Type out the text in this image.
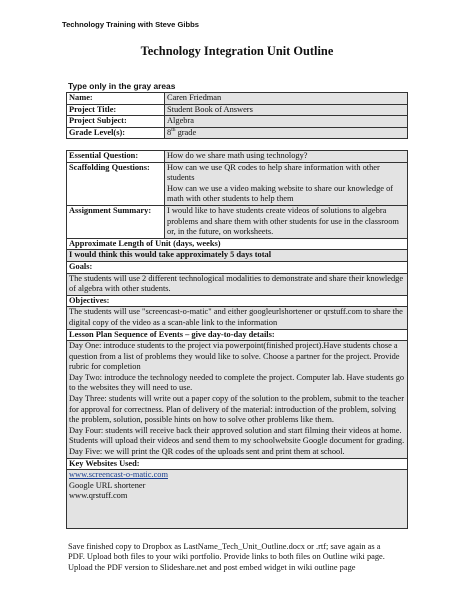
Technology Training with Steve Gibbs
Technology Integration Unit Outline
Type only in the gray areas
Name:	Caren Friedman
Project Title:	Student Book of Answers
Project Subject:	Algebra
Grade Level(s):	8th grade
Essential Question:	How do we share math using technology?
Scaffolding Questions:	How can we use QR codes to help share information with other students
How can we use a video making website to share our knowledge of math with other students to help them

Assignment Summary:	I would like to have students create videos of solutions to algebra problems and share them with other students for use in the classroom or, in the future, on worksheets.
Approximate Length of Unit (days, weeks)	
I would think this would take approximately 5 days total	
Goals:	
The students will use 2 different technological modalities to demonstrate and share their knowledge of algebra with other students.	
Objectives:	
The students will use "screencast-o-matic" and either googleurlshortener or qrstuff.com to share the digital copy of the video as a scan-able link to the information	
Lesson Plan Sequence of Events – give day-to-day details:	

Day One: introduce students to the project via powerpoint(finished project).Have students chose a question from a list of problems they would like to solve. Choose a partner for the project. Provide rubric for completion
Day Two: introduce the technology needed to complete the project. Computer lab. Have students go to the websites they will need to use.
Day Three: students will write out a paper copy of the solution to the problem, submit to the teacher for approval for correctness. Plan of delivery of the material: introduction of the problem, solving the problem, solution, possible hints on how to solve other problems like them.
Day Four: students will receive back their approved solution and start filming their videos at home. Students will upload their videos and send them to my schoolwebsite Google document for grading.
Day Five: we will print the QR codes of the uploads sent and print them at school.	

Key Websites Used:	

www.screencast-o-matic.com
Google URL shortener
www.qrstuff.com	
Save finished copy to Dropbox as LastName_Tech_Unit_Outline.docx or .rtf; save again as a PDF. Upload both files to your wiki portfolio. Provide links to both files on Outline wiki page. Upload the PDF version to Slideshare.net and post embed widget in wiki outline page
